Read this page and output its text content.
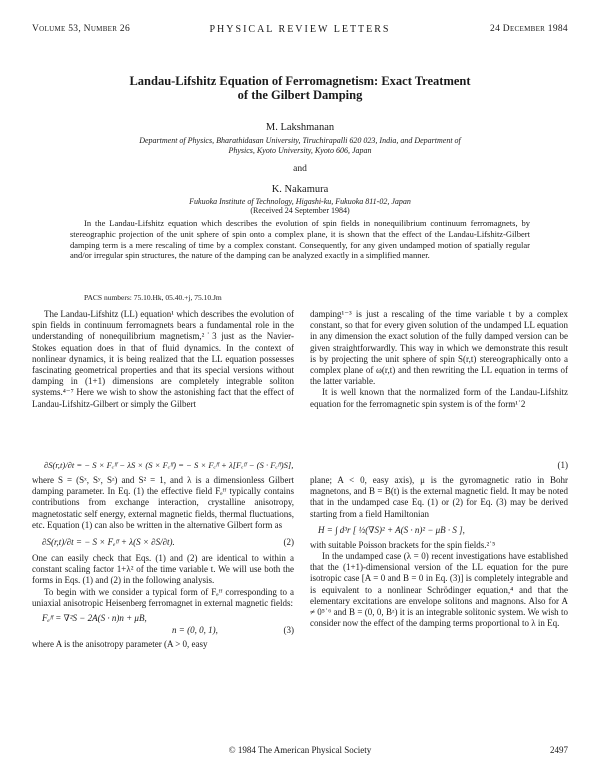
Volume 53, Number 26	PHYSICAL REVIEW LETTERS	24 December 1984
Landau-Lifshitz Equation of Ferromagnetism: Exact Treatment
of the Gilbert Damping
M. Lakshmanan
Department of Physics, Bharathidasan University, Tiruchirapalli 620 023, India, and Department of
Physics, Kyoto University, Kyoto 606, Japan
and
K. Nakamura
Fukuoka Institute of Technology, Higashi-ku, Fukuoka 811-02, Japan
(Received 24 September 1984)
In the Landau-Lifshitz equation which describes the evolution of spin fields in nonequilibrium continuum ferromagnets, by stereographic projection of the unit sphere of spin onto a complex plane, it is shown that the effect of the Landau-Lifshitz-Gilbert damping term is a mere rescaling of time by a complex constant. Consequently, for any given undamped motion of spatially regular and/or irregular spin structures, the nature of the damping can be analyzed exactly in a simplified manner.
PACS numbers: 75.10.Hk, 05.40.+j, 75.10.Jm

The Landau-Lifshitz (LL) equation¹ which describes the evolution of spin fields in continuum ferromagnets bears a fundamental role in the understanding of nonequilibrium magnetism,²˙3 just as the Navier-Stokes equation does in that of fluid dynamics. In the context of nonlinear dynamics, it is being realized that the LL equation possesses fascinating geometrical properties and that its special versions without damping in (1+1) dimensions are completely integrable soliton systems.⁴⁻⁷ Here we wish to show the astonishing fact that the effect of Landau-Lifshitz-Gilbert or simply the Gilbert

damping¹⁻³ is just a rescaling of the time variable t by a complex constant, so that for every given solution of the undamped LL equation in any dimension the exact solution of the fully damped version can be given straightforwardly. This way in which we demonstrate this result is by projecting the unit sphere of spin S(r,t) stereographically onto a complex plane of ω(r,t) and then rewriting the LL equation in terms of the latter variable.

It is well known that the normalized form of the Landau-Lifshitz equation for the ferromagnetic spin system is of the form¹˙2

∂S(r,t)/∂t = − S × Fₑᶠᶠ − λS × (S × Fₑᶠᶠ) = − S × Fₑᶠᶠ + λ[Fₑᶠᶠ − (S · Fₑᶠᶠ)S],	(1)

where S = (Sˣ, Sʸ, Sᶻ) and S² = 1, and λ is a dimensionless Gilbert damping parameter. In Eq. (1) the effective field Fₑᶠᶠ typically contains contributions from exchange interaction, crystalline anisotropy, magnetostatic self energy, external magnetic fields, thermal fluctuations, etc. Equation (1) can also be written in the alternative Gilbert form as

∂S(r,t)/∂t = − S × Fₑᶠᶠ + λ(S × ∂S/∂t).	(2)

One can easily check that Eqs. (1) and (2) are identical to within a constant scaling factor 1+λ² of the time variable t. We will use both the forms in Eqs. (1) and (2) in the following analysis.

To begin with we consider a typical form of Fₑᶠᶠ corresponding to a uniaxial anisotropic Heisenberg ferromagnet in external magnetic fields:

Fₑᶠᶠ = ∇²S − 2A(S · n)n + μB,
n = (0, 0, 1),	(3)

where A is the anisotropy parameter (A > 0, easy

plane; A < 0, easy axis), μ is the gyromagnetic ratio in Bohr magnetons, and B = B(t) is the external magnetic field. It may be noted that in the undamped case Eq. (1) or (2) for Eq. (3) may be derived starting from a field Hamiltonian

H = ∫ d³r [ ½(∇S)² + A(S · n)² − μB · S ],

with suitable Poisson brackets for the spin fields.²˙⁵

In the undamped case (λ = 0) recent investigations have established that the (1+1)-dimensional version of the LL equation for the pure isotropic case [A = 0 and B = 0 in Eq. (3)] is completely integrable and is equivalent to a nonlinear Schrödinger equation,⁴ and that the elementary excitations are envelope solitons and magnons. Also for A ≠ 0⁵˙⁶ and B = (0, 0, Bᶻ) it is an integrable solitonic system. We wish to consider now the effect of the damping terms proportional to λ in Eq.

© 1984 The American Physical Society	2497
